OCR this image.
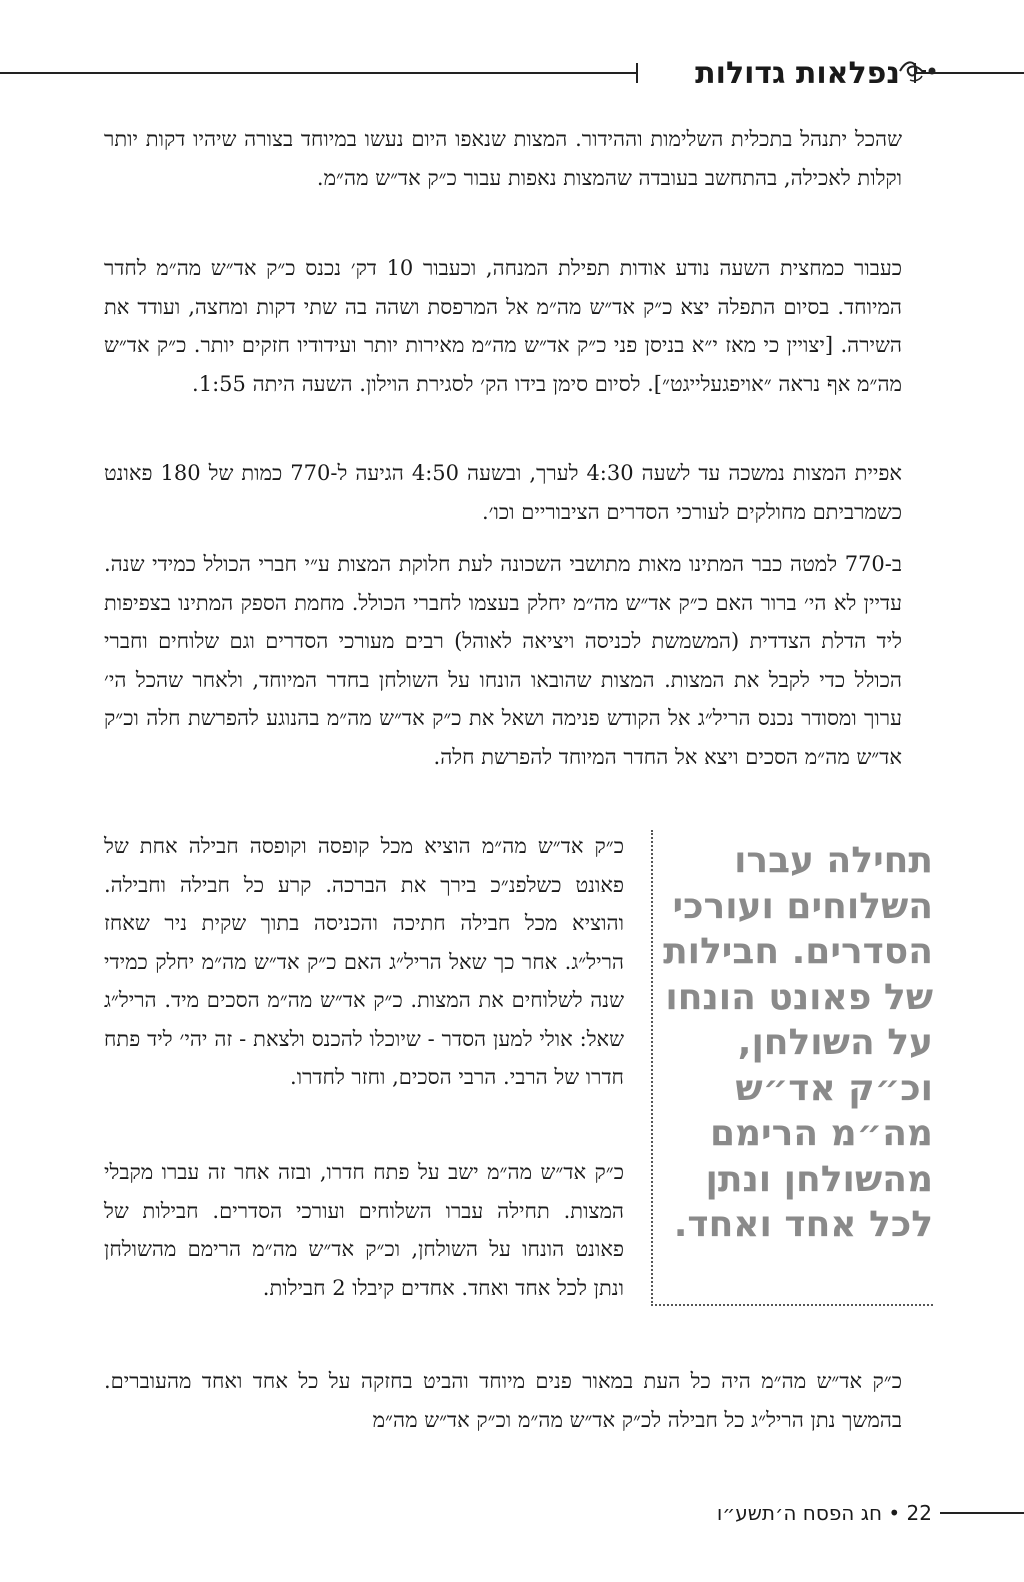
נפלאות גדולות

שהכל יתנהל בתכלית השלימות וההידור. המצות שנאפו היום נעשו במיוחד בצורה שיהיו דקות יותר וקלות לאכילה, בהתחשב בעובדה שהמצות נאפות עבור כ״ק אד״ש מה״מ.

כעבור כמחצית השעה נודע אודות תפילת המנחה, וכעבור 10 דק׳ נכנס כ״ק אד״ש מה״מ לחדר המיוחד. בסיום התפלה יצא כ״ק אד״ש מה״מ אל המרפסת ושהה בה שתי דקות ומחצה, ועודד את השירה. [יצויין כי מאז י״א בניסן פני כ״ק אד״ש מה״מ מאירות יותר ועידודיו חזקים יותר. כ״ק אד״ש מה״מ אף נראה ״אויפגעלייגט״]. לסיום סימן בידו הק׳ לסגירת הוילון. השעה היתה 1:55.

אפיית המצות נמשכה עד לשעה 4:30 לערך, ובשעה 4:50 הגיעה ל-770 כמות של 180 פאונט כשמרביתם מחולקים לעורכי הסדרים הציבוריים וכו׳.

ב-770 למטה כבר המתינו מאות מתושבי השכונה לעת חלוקת המצות ע״י חברי הכולל כמידי שנה. עדיין לא הי׳ ברור האם כ״ק אד״ש מה״מ יחלק בעצמו לחברי הכולל. מחמת הספק המתינו בצפיפות ליד הדלת הצדדית (המשמשת לכניסה ויציאה לאוהל) רבים מעורכי הסדרים וגם שלוחים וחברי הכולל כדי לקבל את המצות. המצות שהובאו הונחו על השולחן בחדר המיוחד, ולאחר שהכל הי׳ ערוך ומסודר נכנס הריל״ג אל הקודש פנימה ושאל את כ״ק אד״ש מה״מ בהנוגע להפרשת חלה וכ״ק אד״ש מה״מ הסכים ויצא אל החדר המיוחד להפרשת חלה.

תחילה עברו השלוחים ועורכי הסדרים. חבילות של פאונט הונחו על השולחן, וכ״ק אד״ש מה״מ הרימם מהשולחן ונתן לכל אחד ואחד.

כ״ק אד״ש מה״מ הוציא מכל קופסה וקופסה חבילה אחת של פאונט כשלפנ״כ בירך את הברכה. קרע כל חבילה וחבילה. והוציא מכל חבילה חתיכה והכניסה בתוך שקית ניר שאחז הריל״ג. אחר כך שאל הריל״ג האם כ״ק אד״ש מה״מ יחלק כמידי שנה לשלוחים את המצות. כ״ק אד״ש מה״מ הסכים מיד. הריל״ג שאל: אולי למען הסדר - שיוכלו להכנס ולצאת - זה יהי׳ ליד פתח חדרו של הרבי. הרבי הסכים, וחזר לחדרו.

כ״ק אד״ש מה״מ ישב על פתח חדרו, ובזה אחר זה עברו מקבלי המצות. תחילה עברו השלוחים ועורכי הסדרים. חבילות של פאונט הונחו על השולחן, וכ״ק אד״ש מה״מ הרימם מהשולחן ונתן לכל אחד ואחד. אחדים קיבלו 2 חבילות.

כ״ק אד״ש מה״מ היה כל העת במאור פנים מיוחד והביט בחזקה על כל אחד ואחד מהעוברים. בהמשך נתן הריל״ג כל חבילה לכ״ק אד״ש מה״מ וכ״ק אד״ש מה״מ

22 • חג הפסח ה׳תשע״ו
